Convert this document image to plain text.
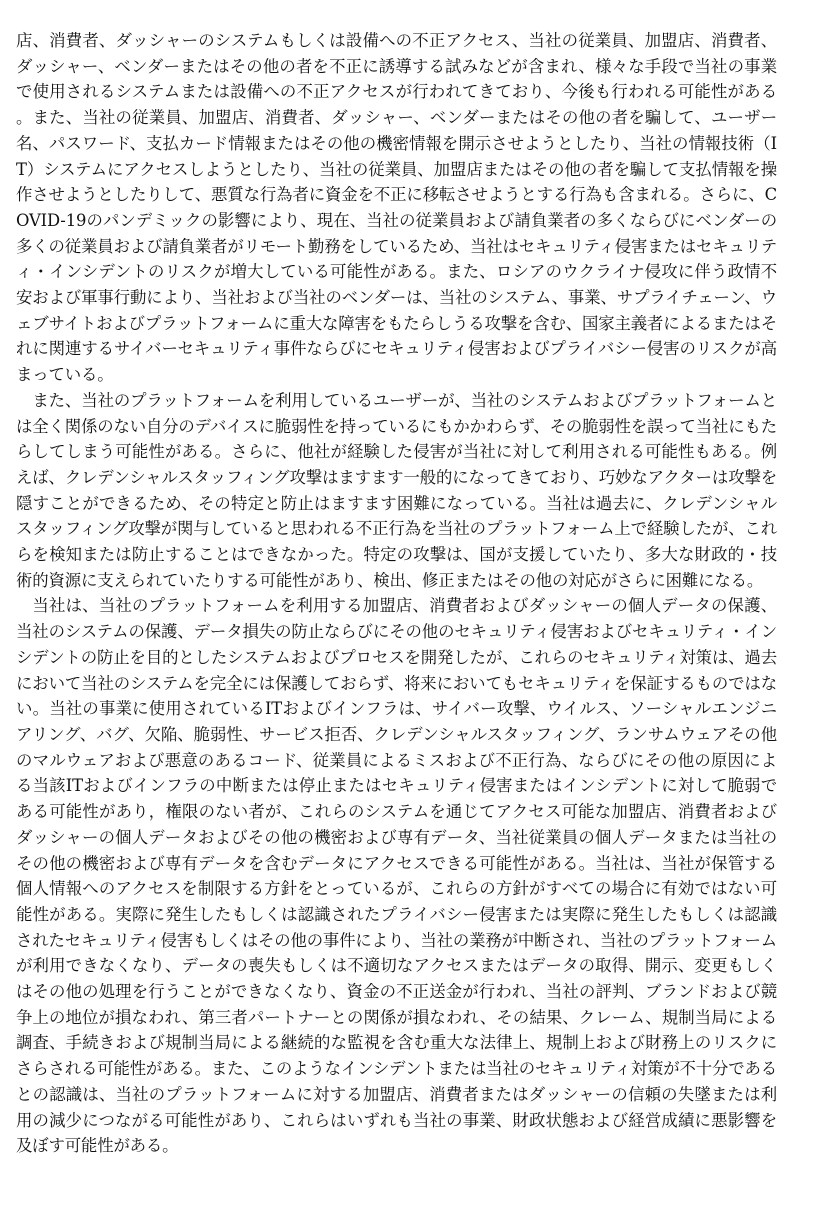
店、消費者、ダッシャーのシステムもしくは設備への不正アクセス、当社の従業員、加盟店、消費者、ダッシャー、ベンダーまたはその他の者を不正に誘導する試みなどが含まれ、様々な手段で当社の事業で使用されるシステムまたは設備への不正アクセスが行われてきており、今後も行われる可能性がある。また、当社の従業員、加盟店、消費者、ダッシャー、ベンダーまたはその他の者を騙して、ユーザー名、パスワード、支払カード情報またはその他の機密情報を開示させようとしたり、当社の情報技術（IT）システムにアクセスしようとしたり、当社の従業員、加盟店またはその他の者を騙して支払情報を操作させようとしたりして、悪質な行為者に資金を不正に移転させようとする行為も含まれる。さらに、COVID-19のパンデミックの影響により、現在、当社の従業員および請負業者の多くならびにベンダーの多くの従業員および請負業者がリモート勤務をしているため、当社はセキュリティ侵害またはセキュリティ・インシデントのリスクが増大している可能性がある。また、ロシアのウクライナ侵攻に伴う政情不安および軍事行動により、当社および当社のベンダーは、当社のシステム、事業、サプライチェーン、ウェブサイトおよびプラットフォームに重大な障害をもたらしうる攻撃を含む、国家主義者によるまたはそれに関連するサイバーセキュリティ事件ならびにセキュリティ侵害およびプライバシー侵害のリスクが高まっている。

また、当社のプラットフォームを利用しているユーザーが、当社のシステムおよびプラットフォームとは全く関係のない自分のデバイスに脆弱性を持っているにもかかわらず、その脆弱性を誤って当社にもたらしてしまう可能性がある。さらに、他社が経験した侵害が当社に対して利用される可能性もある。例えば、クレデンシャルスタッフィング攻撃はますます一般的になってきており、巧妙なアクターは攻撃を隠すことができるため、その特定と防止はますます困難になっている。当社は過去に、クレデンシャルスタッフィング攻撃が関与していると思われる不正行為を当社のプラットフォーム上で経験したが、これらを検知または防止することはできなかった。特定の攻撃は、国が支援していたり、多大な財政的・技術的資源に支えられていたりする可能性があり、検出、修正またはその他の対応がさらに困難になる。

当社は、当社のプラットフォームを利用する加盟店、消費者およびダッシャーの個人データの保護、当社のシステムの保護、データ損失の防止ならびにその他のセキュリティ侵害およびセキュリティ・インシデントの防止を目的としたシステムおよびプロセスを開発したが、これらのセキュリティ対策は、過去において当社のシステムを完全には保護しておらず、将来においてもセキュリティを保証するものではない。当社の事業に使用されているITおよびインフラは、サイバー攻撃、ウイルス、ソーシャルエンジニアリング、バグ、欠陥、脆弱性、サービス拒否、クレデンシャルスタッフィング、ランサムウェアその他のマルウェアおよび悪意のあるコード、従業員によるミスおよび不正行為、ならびにその他の原因による当該ITおよびインフラの中断または停止またはセキュリティ侵害またはインシデントに対して脆弱である可能性があり，権限のない者が、これらのシステムを通じてアクセス可能な加盟店、消費者およびダッシャーの個人データおよびその他の機密および専有データ、当社従業員の個人データまたは当社のその他の機密および専有データを含むデータにアクセスできる可能性がある。当社は、当社が保管する個人情報へのアクセスを制限する方針をとっているが、これらの方針がすべての場合に有効ではない可能性がある。実際に発生したもしくは認識されたプライバシー侵害または実際に発生したもしくは認識されたセキュリティ侵害もしくはその他の事件により、当社の業務が中断され、当社のプラットフォームが利用できなくなり、データの喪失もしくは不適切なアクセスまたはデータの取得、開示、変更もしくはその他の処理を行うことができなくなり、資金の不正送金が行われ、当社の評判、ブランドおよび競争上の地位が損なわれ、第三者パートナーとの関係が損なわれ、その結果、クレーム、規制当局による調査、手続きおよび規制当局による継続的な監視を含む重大な法律上、規制上および財務上のリスクにさらされる可能性がある。また、このようなインシデントまたは当社のセキュリティ対策が不十分であるとの認識は、当社のプラットフォームに対する加盟店、消費者またはダッシャーの信頼の失墜または利用の減少につながる可能性があり、これらはいずれも当社の事業、財政状態および経営成績に悪影響を及ぼす可能性がある。
